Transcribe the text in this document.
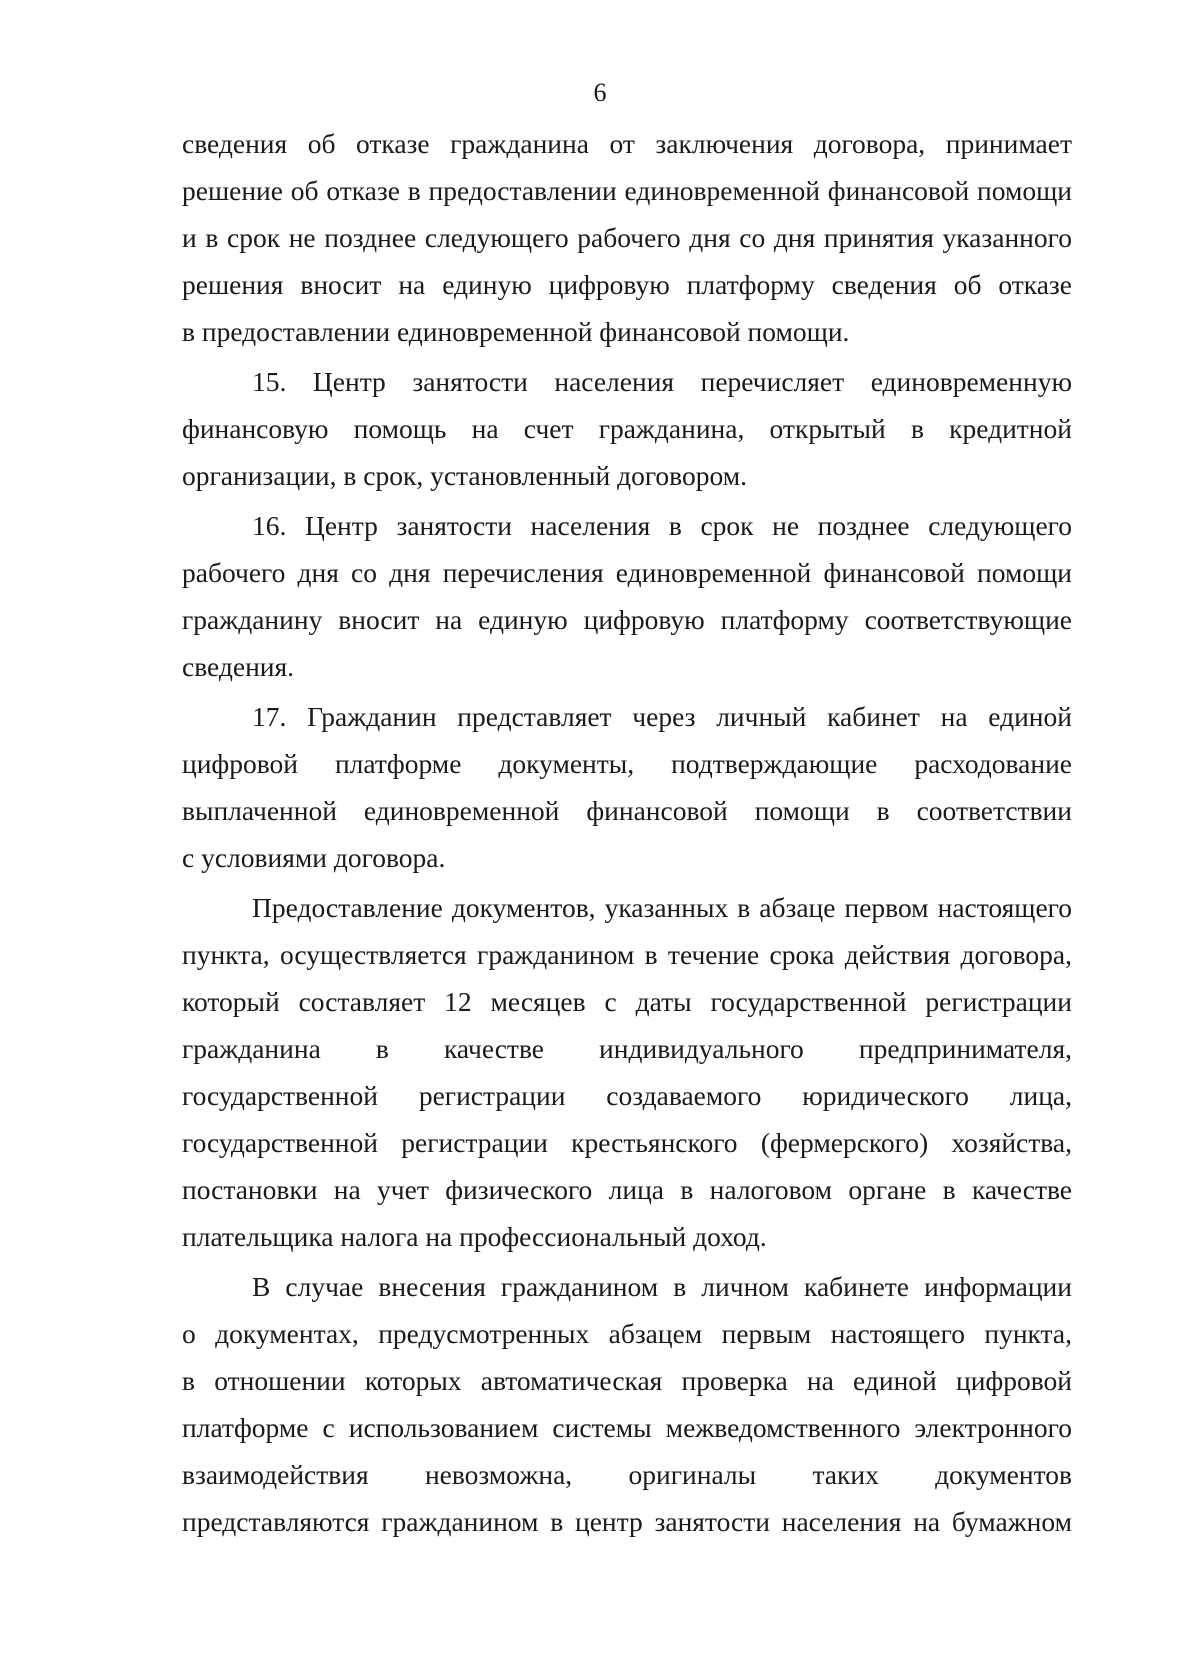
6
сведения об отказе гражданина от заключения договора, принимает
решение об отказе в предоставлении единовременной финансовой помощи
и в срок не позднее следующего рабочего дня со дня принятия указанного
решения вносит на единую цифровую платформу сведения об отказе
в предоставлении единовременной финансовой помощи.
15. Центр занятости населения перечисляет единовременную
финансовую помощь на счет гражданина, открытый в кредитной
организации, в срок, установленный договором.
16. Центр занятости населения в срок не позднее следующего
рабочего дня со дня перечисления единовременной финансовой помощи
гражданину вносит на единую цифровую платформу соответствующие
сведения.
17. Гражданин представляет через личный кабинет на единой
цифровой платформе документы, подтверждающие расходование
выплаченной единовременной финансовой помощи в соответствии
с условиями договора.
Предоставление документов, указанных в абзаце первом настоящего
пункта, осуществляется гражданином в течение срока действия договора,
который составляет 12 месяцев с даты государственной регистрации
гражданина в качестве индивидуального предпринимателя,
государственной регистрации создаваемого юридического лица,
государственной регистрации крестьянского (фермерского) хозяйства,
постановки на учет физического лица в налоговом органе в качестве
плательщика налога на профессиональный доход.
В случае внесения гражданином в личном кабинете информации
о документах, предусмотренных абзацем первым настоящего пункта,
в отношении которых автоматическая проверка на единой цифровой
платформе с использованием системы межведомственного электронного
взаимодействия невозможна, оригиналы таких документов
представляются гражданином в центр занятости населения на бумажном
